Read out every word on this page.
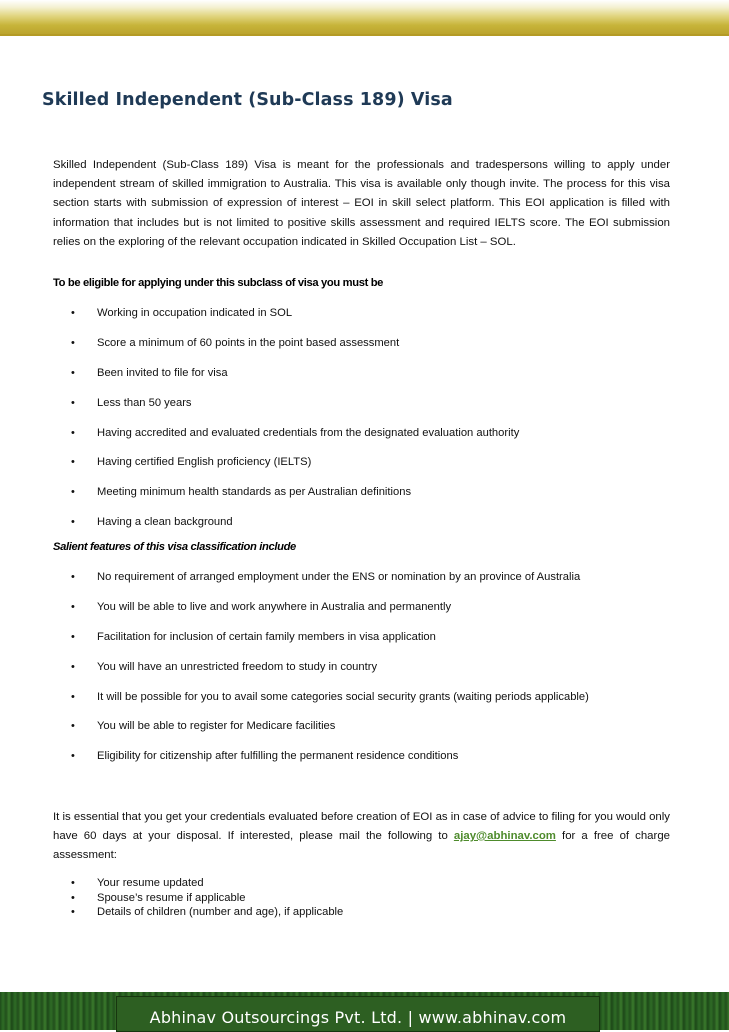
Skilled Independent (Sub-Class 189) Visa
Skilled Independent (Sub-Class 189) Visa is meant for the professionals and tradespersons willing to apply under independent stream of skilled immigration to Australia. This visa is available only though invite. The process for this visa section starts with submission of expression of interest – EOI in skill select platform. This EOI application is filled with information that includes but is not limited to positive skills assessment and required IELTS score. The EOI submission relies on the exploring of the relevant occupation indicated in Skilled Occupation List – SOL.
To be eligible for applying under this subclass of visa you must be
• Working in occupation indicated in SOL
• Score a minimum of 60 points in the point based assessment
• Been invited to file for visa
• Less than 50 years
• Having accredited and evaluated credentials from the designated evaluation authority
• Having certified English proficiency (IELTS)
• Meeting minimum health standards as per Australian definitions
• Having a clean background
Salient features of this visa classification include
• No requirement of arranged employment under the ENS or nomination by an province of Australia
• You will be able to live and work anywhere in Australia and permanently
• Facilitation for inclusion of certain family members in visa application
• You will have an unrestricted freedom to study in country
• It will be possible for you to avail some categories social security grants (waiting periods applicable)
• You will be able to register for Medicare facilities
• Eligibility for citizenship after fulfilling the permanent residence conditions
It is essential that you get your credentials evaluated before creation of EOI as in case of advice to filing for you would only have 60 days at your disposal. If interested, please mail the following to ajay@abhinav.com for a free of charge assessment:
• Your resume updated
• Spouse’s resume if applicable
• Details of children (number and age), if applicable
Abhinav Outsourcings Pvt. Ltd. | www.abhinav.com
